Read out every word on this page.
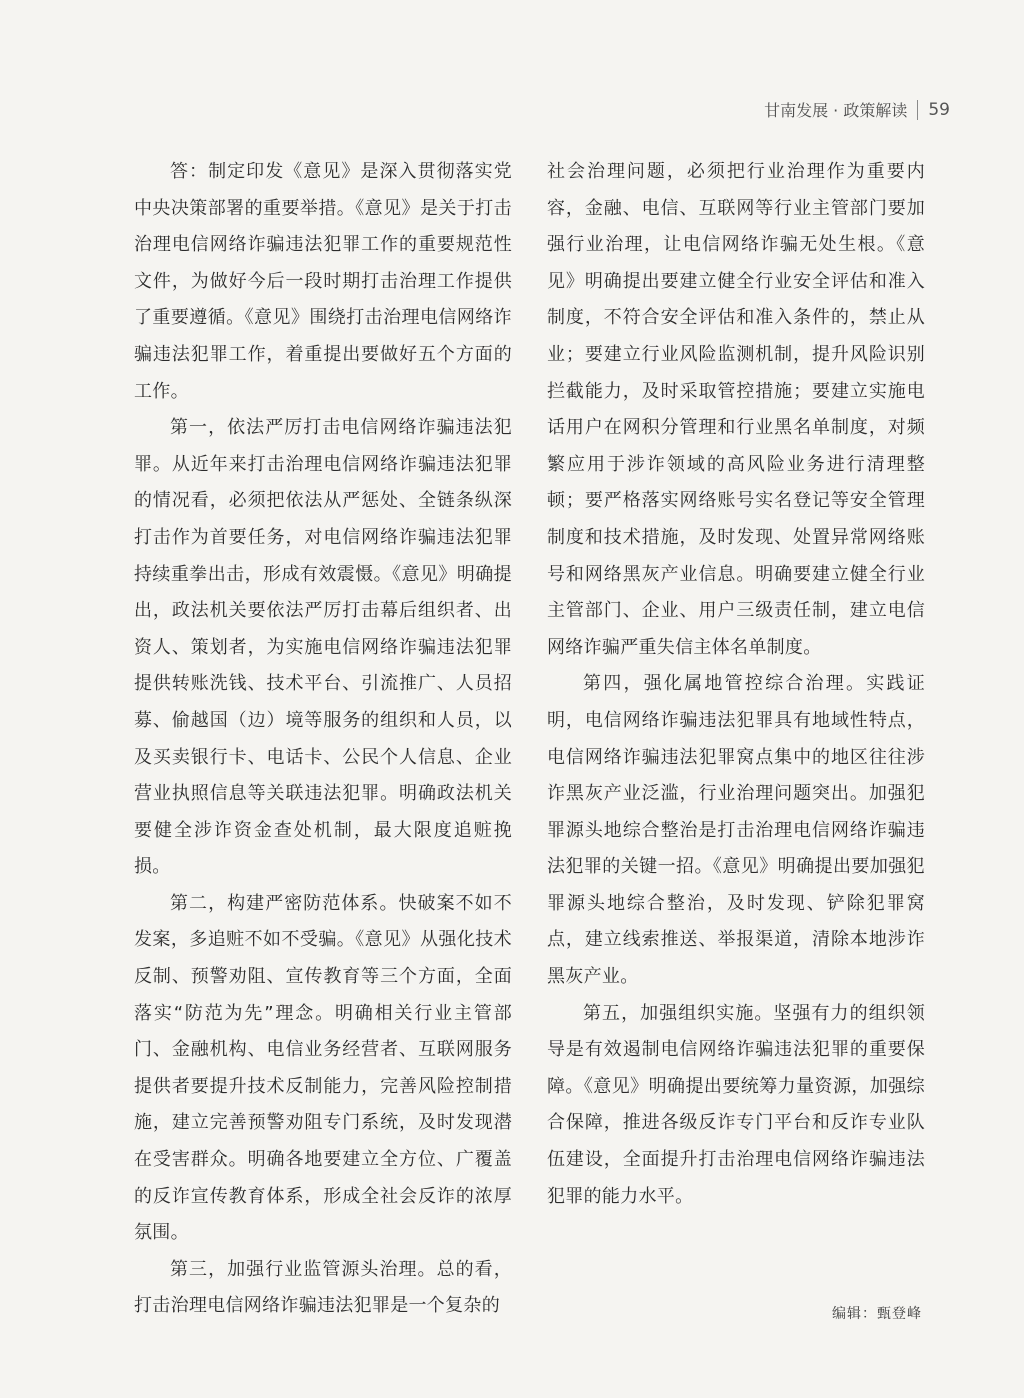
甘南发展 · 政策解读 59

答：制定印发《意见》是深入贯彻落实党中央决策部署的重要举措。《意见》是关于打击治理电信网络诈骗违法犯罪工作的重要规范性文件，为做好今后一段时期打击治理工作提供了重要遵循。《意见》围绕打击治理电信网络诈骗违法犯罪工作，着重提出要做好五个方面的工作。

第一，依法严厉打击电信网络诈骗违法犯罪。从近年来打击治理电信网络诈骗违法犯罪的情况看，必须把依法从严惩处、全链条纵深打击作为首要任务，对电信网络诈骗违法犯罪持续重拳出击，形成有效震慑。《意见》明确提出，政法机关要依法严厉打击幕后组织者、出资人、策划者，为实施电信网络诈骗违法犯罪提供转账洗钱、技术平台、引流推广、人员招募、偷越国（边）境等服务的组织和人员，以及买卖银行卡、电话卡、公民个人信息、企业营业执照信息等关联违法犯罪。明确政法机关要健全涉诈资金查处机制，最大限度追赃挽损。

第二，构建严密防范体系。快破案不如不发案，多追赃不如不受骗。《意见》从强化技术反制、预警劝阻、宣传教育等三个方面，全面落实“防范为先”理念。明确相关行业主管部门、金融机构、电信业务经营者、互联网服务提供者要提升技术反制能力，完善风险控制措施，建立完善预警劝阻专门系统，及时发现潜在受害群众。明确各地要建立全方位、广覆盖的反诈宣传教育体系，形成全社会反诈的浓厚氛围。

第三，加强行业监管源头治理。总的看，打击治理电信网络诈骗违法犯罪是一个复杂的

社会治理问题，必须把行业治理作为重要内容，金融、电信、互联网等行业主管部门要加强行业治理，让电信网络诈骗无处生根。《意见》明确提出要建立健全行业安全评估和准入制度，不符合安全评估和准入条件的，禁止从业；要建立行业风险监测机制，提升风险识别拦截能力，及时采取管控措施；要建立实施电话用户在网积分管理和行业黑名单制度，对频繁应用于涉诈领域的高风险业务进行清理整顿；要严格落实网络账号实名登记等安全管理制度和技术措施，及时发现、处置异常网络账号和网络黑灰产业信息。明确要建立健全行业主管部门、企业、用户三级责任制，建立电信网络诈骗严重失信主体名单制度。

第四，强化属地管控综合治理。实践证明，电信网络诈骗违法犯罪具有地域性特点，电信网络诈骗违法犯罪窝点集中的地区往往涉诈黑灰产业泛滥，行业治理问题突出。加强犯罪源头地综合整治是打击治理电信网络诈骗违法犯罪的关键一招。《意见》明确提出要加强犯罪源头地综合整治，及时发现、铲除犯罪窝点，建立线索推送、举报渠道，清除本地涉诈黑灰产业。

第五，加强组织实施。坚强有力的组织领导是有效遏制电信网络诈骗违法犯罪的重要保障。《意见》明确提出要统筹力量资源，加强综合保障，推进各级反诈专门平台和反诈专业队伍建设，全面提升打击治理电信网络诈骗违法犯罪的能力水平。

编辑：甄登峰
